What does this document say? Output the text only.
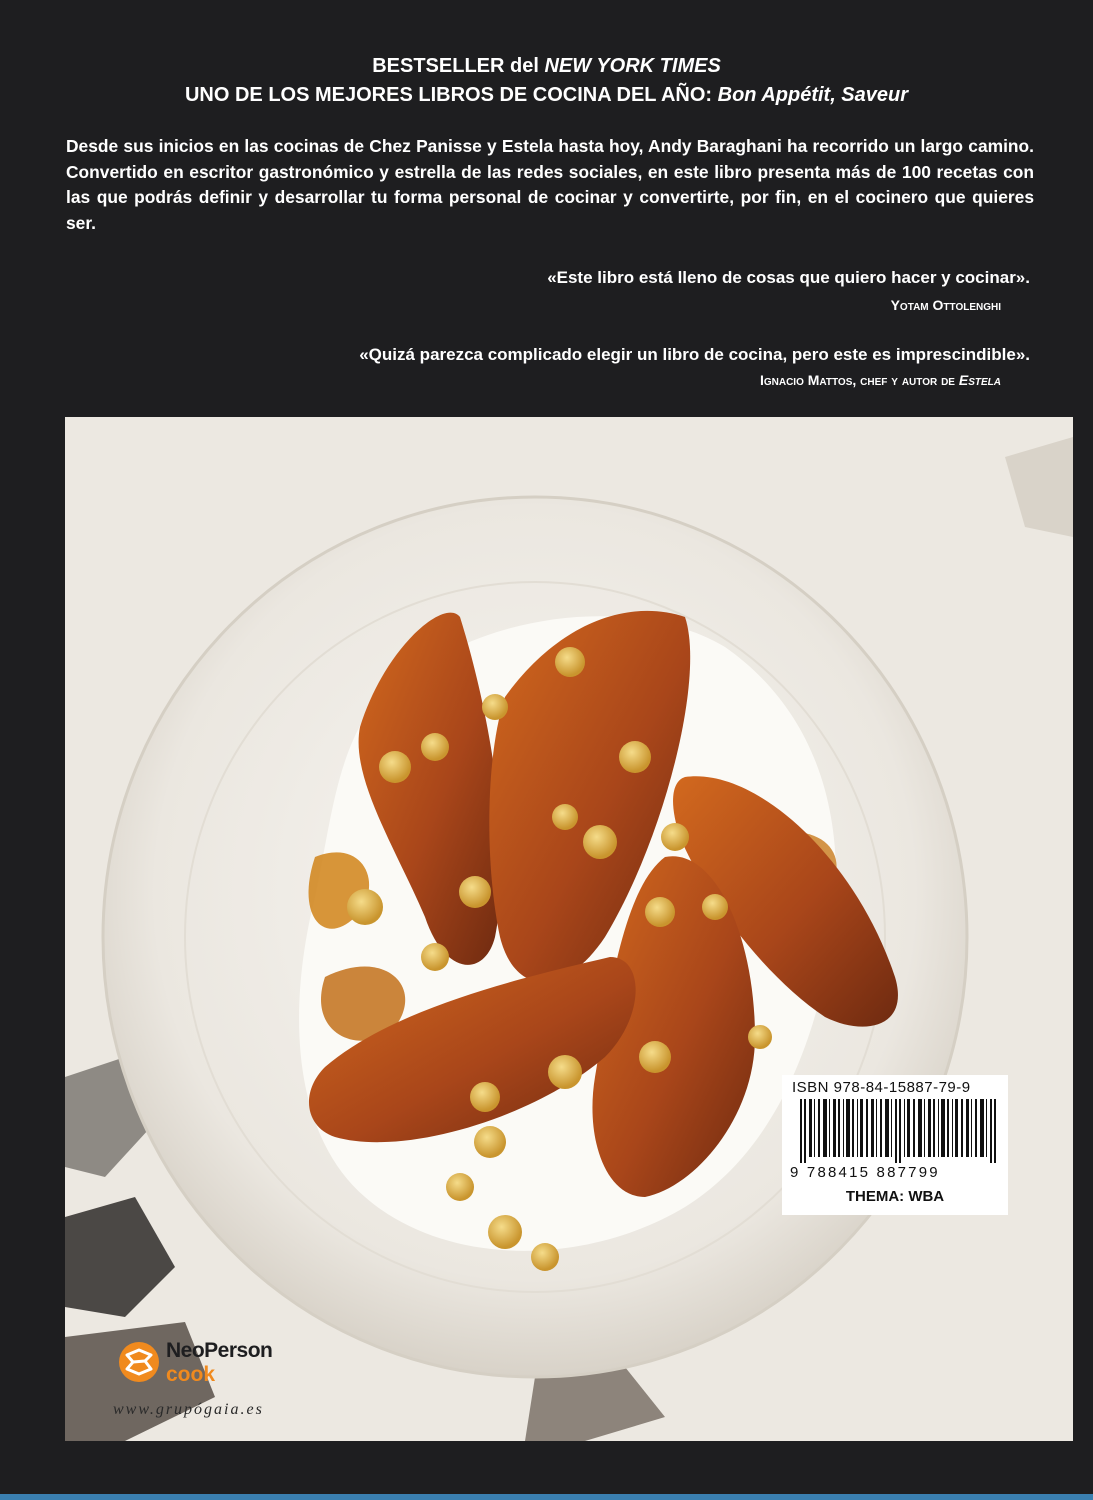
BESTSELLER del NEW YORK TIMES
UNO DE LOS MEJORES LIBROS DE COCINA DEL AÑO: Bon Appétit, Saveur
Desde sus inicios en las cocinas de Chez Panisse y Estela hasta hoy, Andy Baraghani ha recorrido un largo camino. Convertido en escritor gastronómico y estrella de las redes sociales, en este libro presenta más de 100 recetas con las que podrás definir y desarrollar tu forma personal de cocinar y convertirte, por fin, en el cocinero que quieres ser.
«Este libro está lleno de cosas que quiero hacer y cocinar».
Yotam Ottolenghi
«Quizá parezca complicado elegir un libro de cocina, pero este es imprescindible».
Ignacio Mattos, chef y autor de Estela
ISBN 978-84-15887-79-9
9 788415 887799
THEMA: WBA
NeoPerson
cook
www.grupógaia.es
